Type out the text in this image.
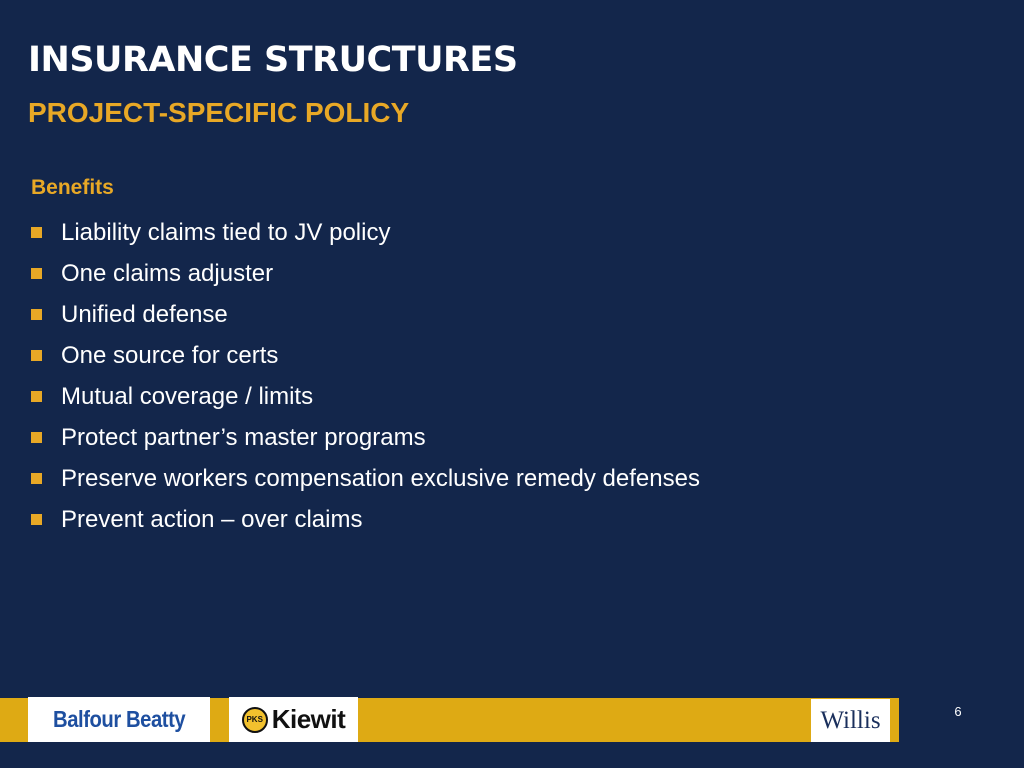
INSURANCE STRUCTURES
PROJECT-SPECIFIC POLICY
Benefits
Liability claims tied to JV policy
One claims adjuster
Unified defense
One source for certs
Mutual coverage / limits
Protect partner’s master programs
Preserve workers compensation exclusive remedy defenses
Prevent action – over claims
Balfour Beatty	PKS Kiewit	Willis	6
